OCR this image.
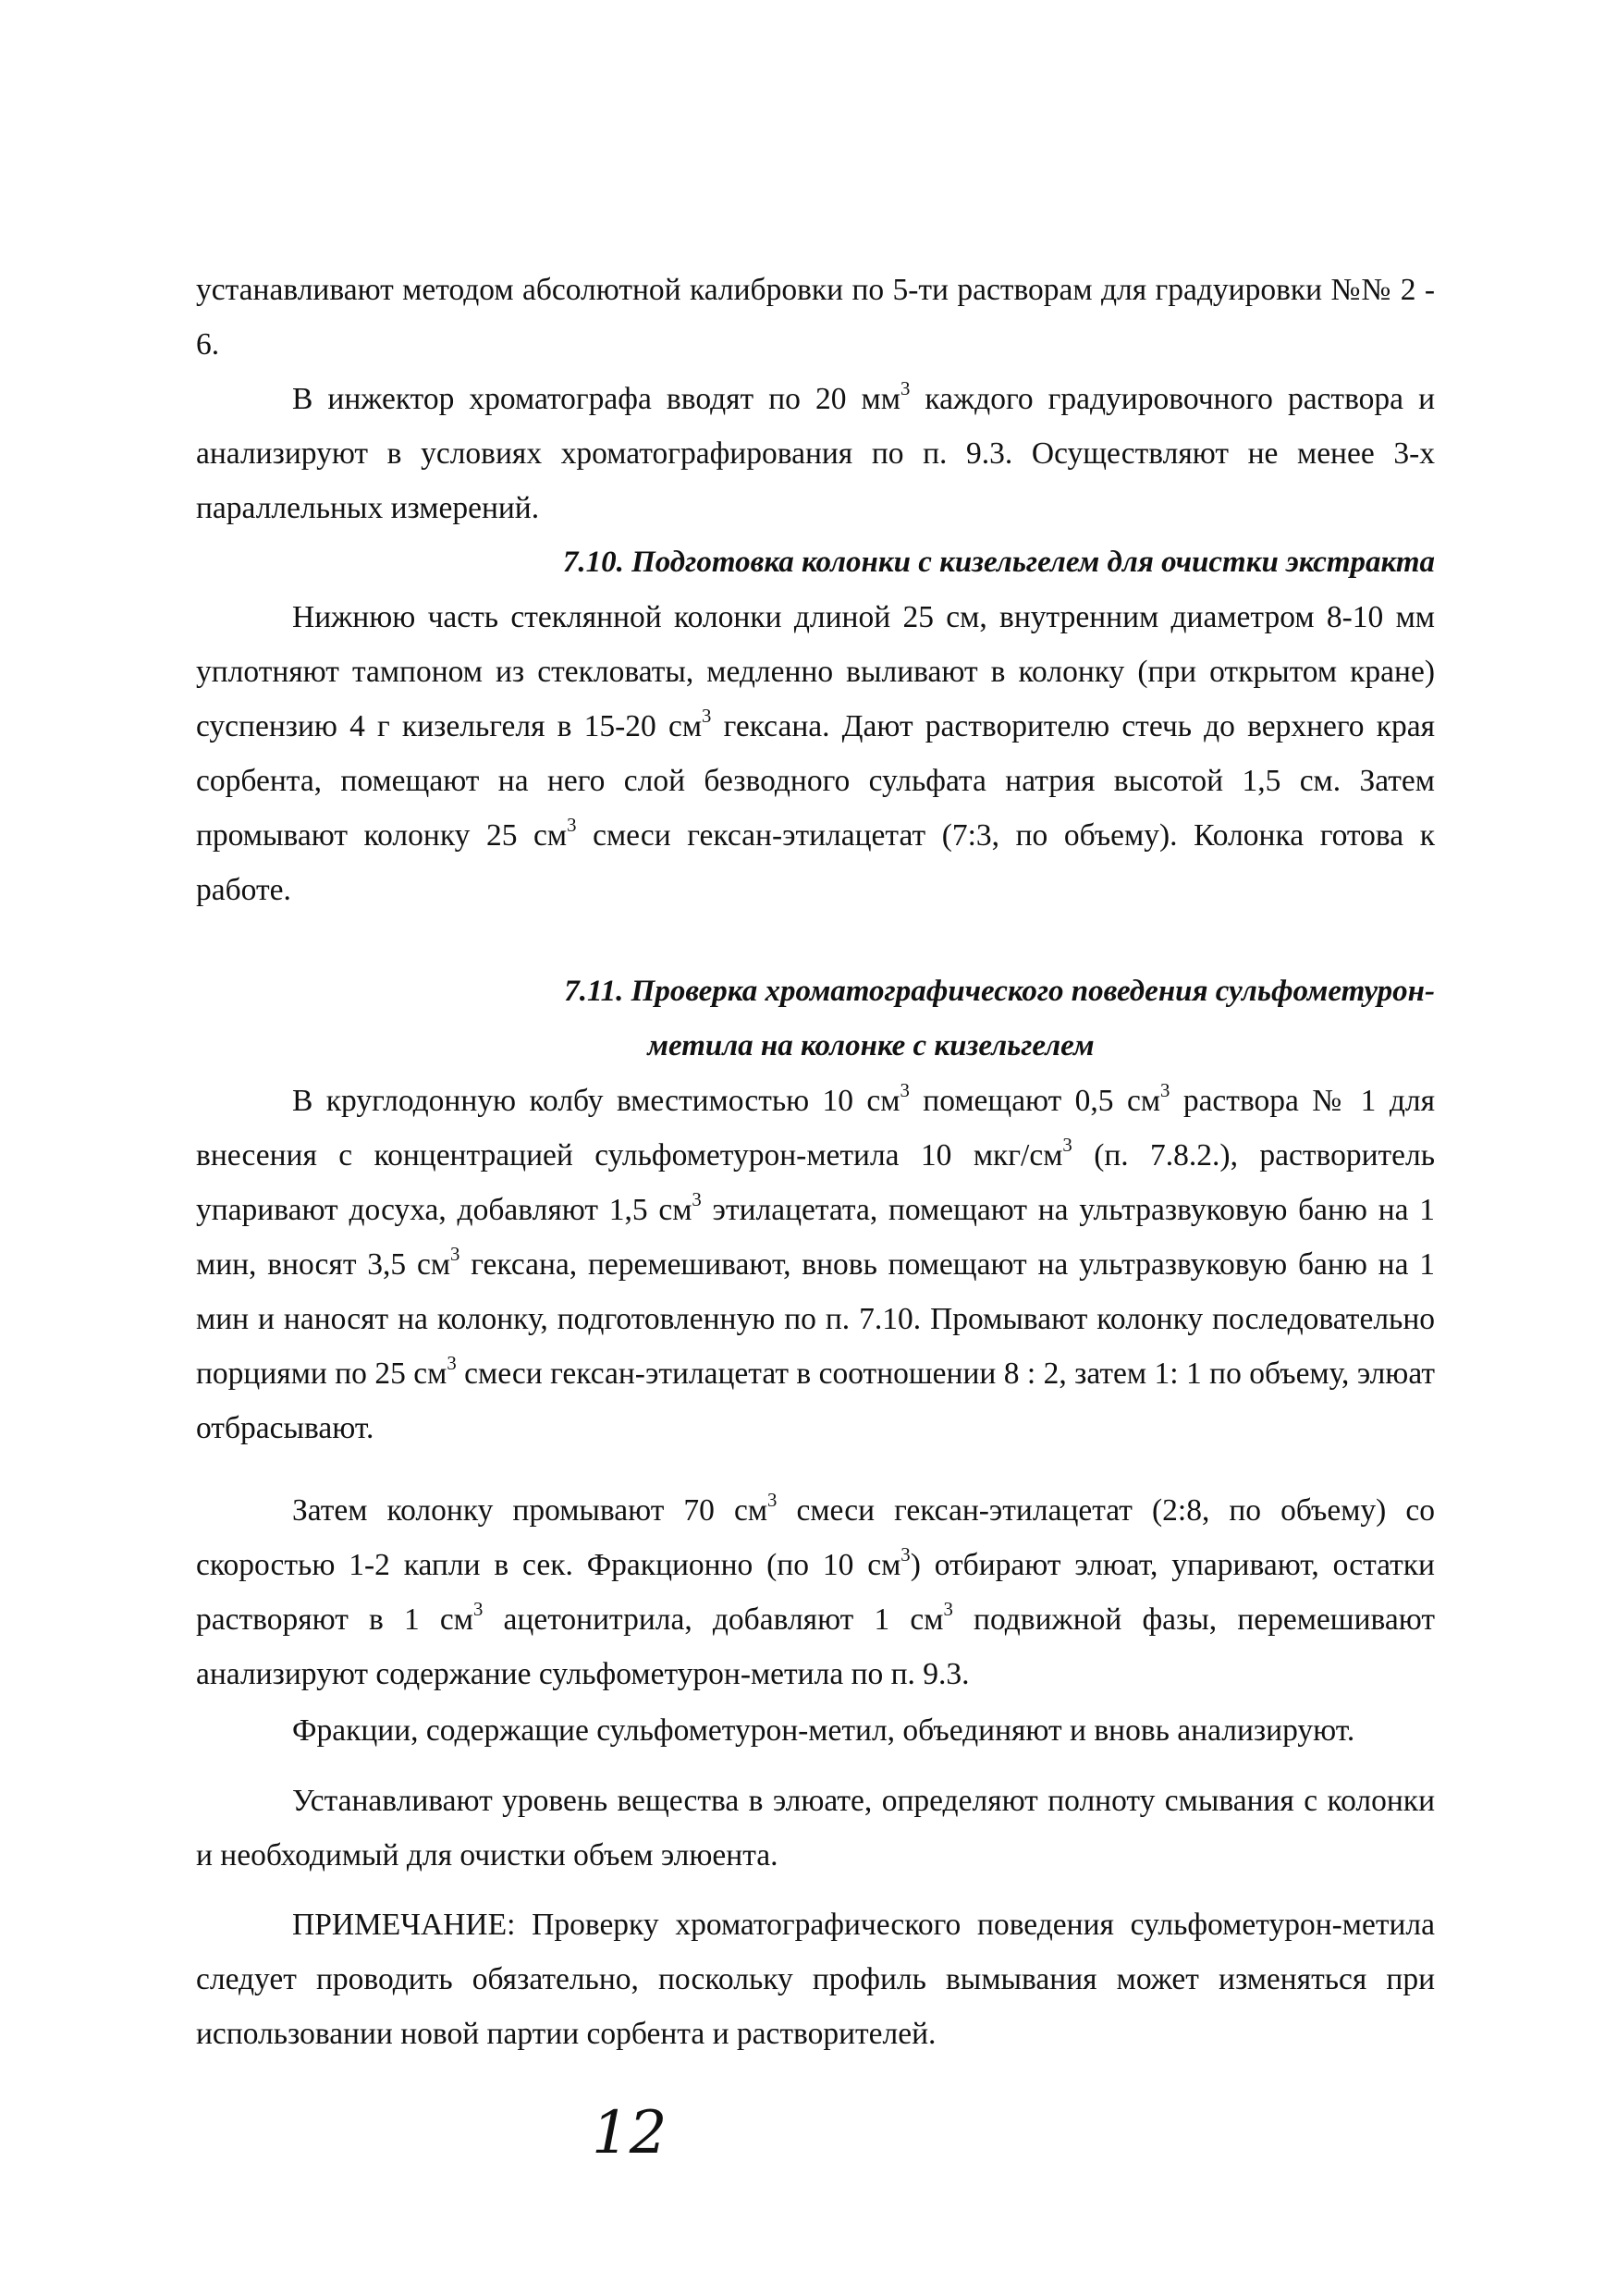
устанавливают методом абсолютной калибровки по 5-ти растворам для градуировки №№ 2 - 6.

В инжектор хроматографа вводят по 20 $мм^3$ каждого градуировочного раствора и анализируют в условиях хроматографирования по п. 9.3. Осуществляют не менее 3-х параллельных измерений.

7.10. Подготовка колонки с кизельгелем для очистки экстракта

Нижнюю часть стеклянной колонки длиной 25 см, внутренним диаметром 8-10 мм уплотняют тампоном из стекловаты, медленно выливают в колонку (при открытом кране) суспензию 4 г кизельгеля в 15-20 $см^3$ гексана. Дают растворителю стечь до верхнего края сорбента, помещают на него слой безводного сульфата натрия высотой 1,5 см. Затем промывают колонку 25 $см^3$ смеси гексан-этилацетат (7:3, по объему). Колонка готова к работе.

7.11. Проверка хроматографического поведения сульфометурон-

метила на колонке с кизельгелем

В круглодонную колбу вместимостью 10 $см^3$ помещают 0,5 $см^3$ раствора № 1 для внесения с концентрацией сульфометурон-метила 10 мкг/$см^3$ (п. 7.8.2.), растворитель упаривают досуха, добавляют 1,5 $см^3$ этилацетата, помещают на ультразвуковую баню на 1 мин, вносят 3,5 $см^3$ гексана, перемешивают, вновь помещают на ультразвуковую баню на 1 мин и наносят на колонку, подготовленную по п. 7.10. Промывают колонку последовательно порциями по 25 $см^3$ смеси гексан-этилацетат в соотношении 8 : 2, затем 1: 1 по объему, элюат отбрасывают.

Затем колонку промывают 70 $см^3$ смеси гексан-этилацетат (2:8, по объему) со скоростью 1-2 капли в сек. Фракционно (по 10 $см^3$) отбирают элюат, упаривают, остатки растворяют в 1 $см^3$ ацетонитрила, добавляют 1 $см^3$ подвижной фазы, перемешивают анализируют содержание сульфометурон-метила по п. 9.3.

Фракции, содержащие сульфометурон-метил, объединяют и вновь анализируют.

Устанавливают уровень вещества в элюате, определяют полноту смывания с колонки и необходимый для очистки объем элюента.

ПРИМЕЧАНИЕ: Проверку хроматографического поведения сульфометурон-метила следует проводить обязательно, поскольку профиль вымывания может изменяться при использовании новой партии сорбента и растворителей.

12
